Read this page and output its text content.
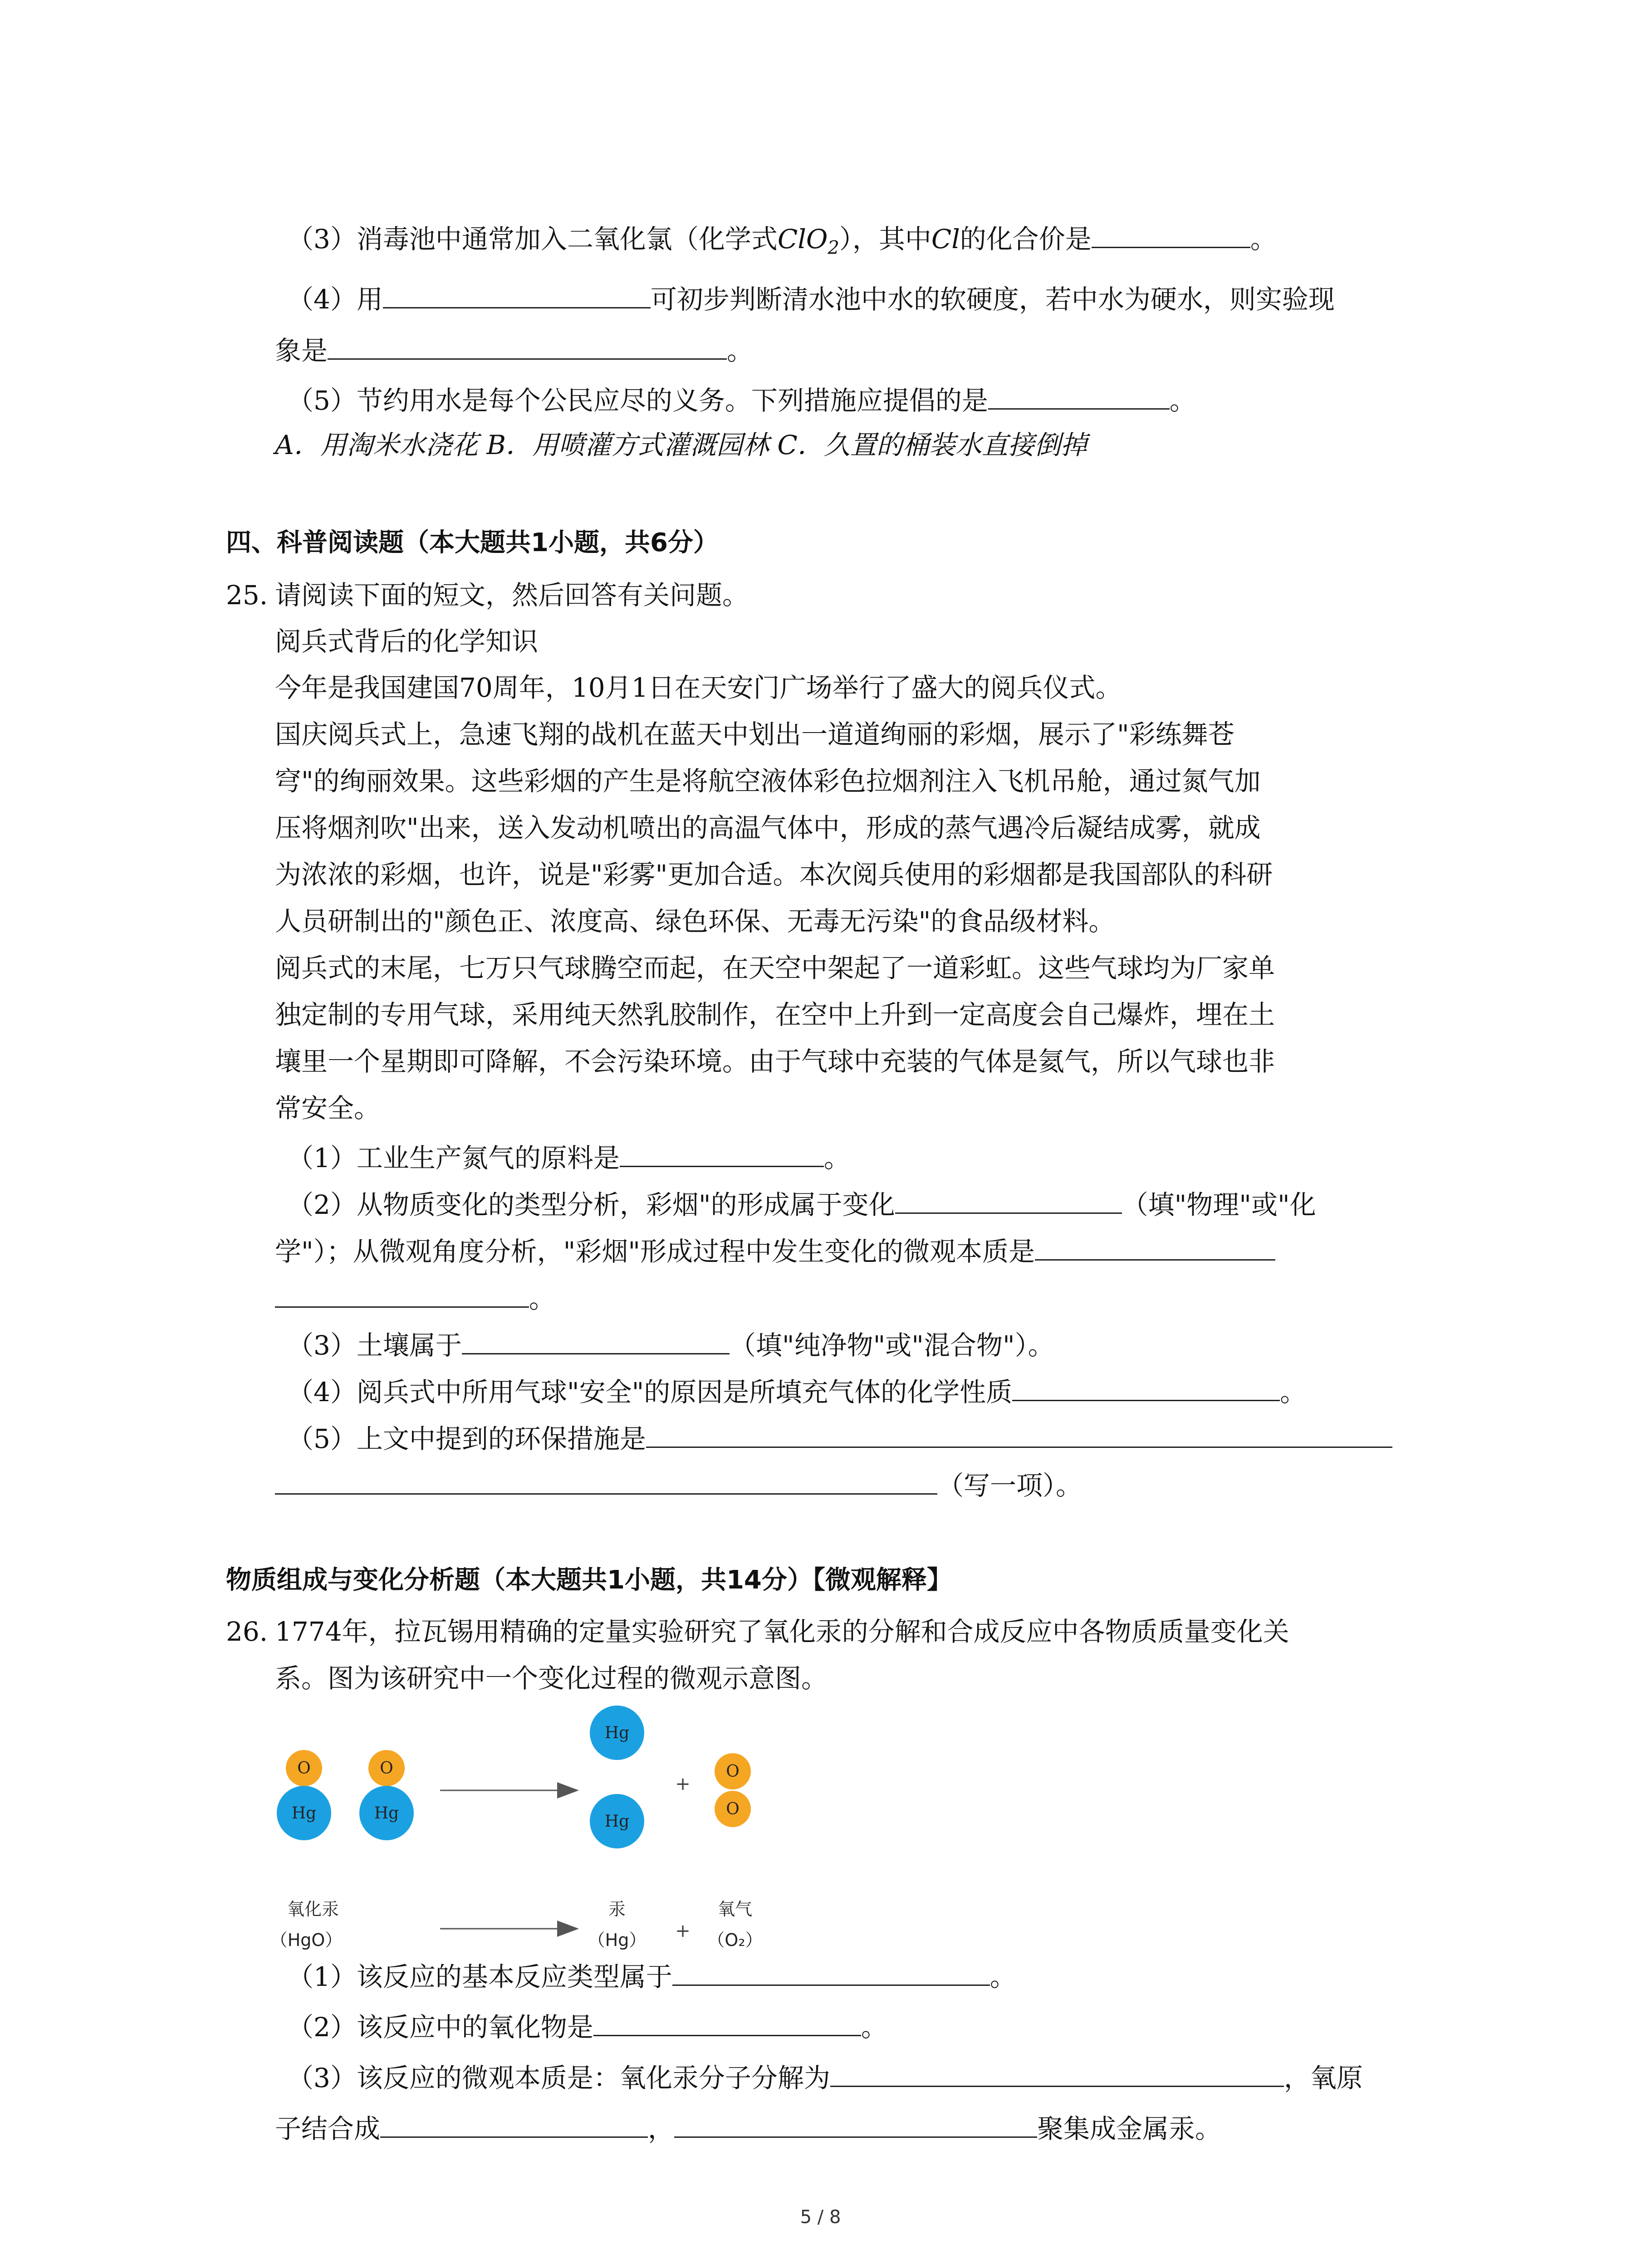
（3）消毒池中通常加入二氧化氯（化学式ClO$_2$），其中Cl的化合价是	。
（4）用	可初步判断清水池中水的软硬度，若中水为硬水，则实验现
象是	。
（5）节约用水是每个公民应尽的义务。下列措施应提倡的是	。
A．用淘米水浇花 B．用喷灌方式灌溉园林 C．久置的桶装水直接倒掉
四、科普阅读题（本大题共1小题，共6分）
25. 请阅读下面的短文，然后回答有关问题。
阅兵式背后的化学知识
今年是我国建国70周年，10月1日在天安门广场举行了盛大的阅兵仪式。
国庆阅兵式上，急速飞翔的战机在蓝天中划出一道道绚丽的彩烟，展示了"彩练舞苍
穹"的绚丽效果。这些彩烟的产生是将航空液体彩色拉烟剂注入飞机吊舱，通过氮气加
压将烟剂吹"出来，送入发动机喷出的高温气体中，形成的蒸气遇冷后凝结成雾，就成
为浓浓的彩烟，也许，说是"彩雾"更加合适。本次阅兵使用的彩烟都是我国部队的科研
人员研制出的"颜色正、浓度高、绿色环保、无毒无污染"的食品级材料。
阅兵式的末尾，七万只气球腾空而起，在天空中架起了一道彩虹。这些气球均为厂家单
独定制的专用气球，采用纯天然乳胶制作，在空中上升到一定高度会自己爆炸，埋在土
壤里一个星期即可降解，不会污染环境。由于气球中充装的气体是氦气，所以气球也非
常安全。
（1）工业生产氮气的原料是	。
（2）从物质变化的类型分析，彩烟"的形成属于变化	（填"物理"或"化
学"）；从微观角度分析，"彩烟"形成过程中发生变化的微观本质是
。
（3）土壤属于	（填"纯净物"或"混合物"）。
（4）阅兵式中所用气球"安全"的原因是所填充气体的化学性质	。
（5）上文中提到的环保措施是
（写一项）。
物质组成与变化分析题（本大题共1小题，共14分）【微观解释】
26. 1774年，拉瓦锡用精确的定量实验研究了氧化汞的分解和合成反应中各物质质量变化关
系。图为该研究中一个变化过程的微观示意图。
O
Hg
O
Hg
Hg
Hg
+
O
O
氧化汞
（HgO）
汞
（Hg） +
氧气
（O₂）
（1）该反应的基本反应类型属于	。
（2）该反应中的氧化物是	。
（3）该反应的微观本质是：氧化汞分子分解为	，氧原
子结合成	，	聚集成金属汞。
5 / 8
